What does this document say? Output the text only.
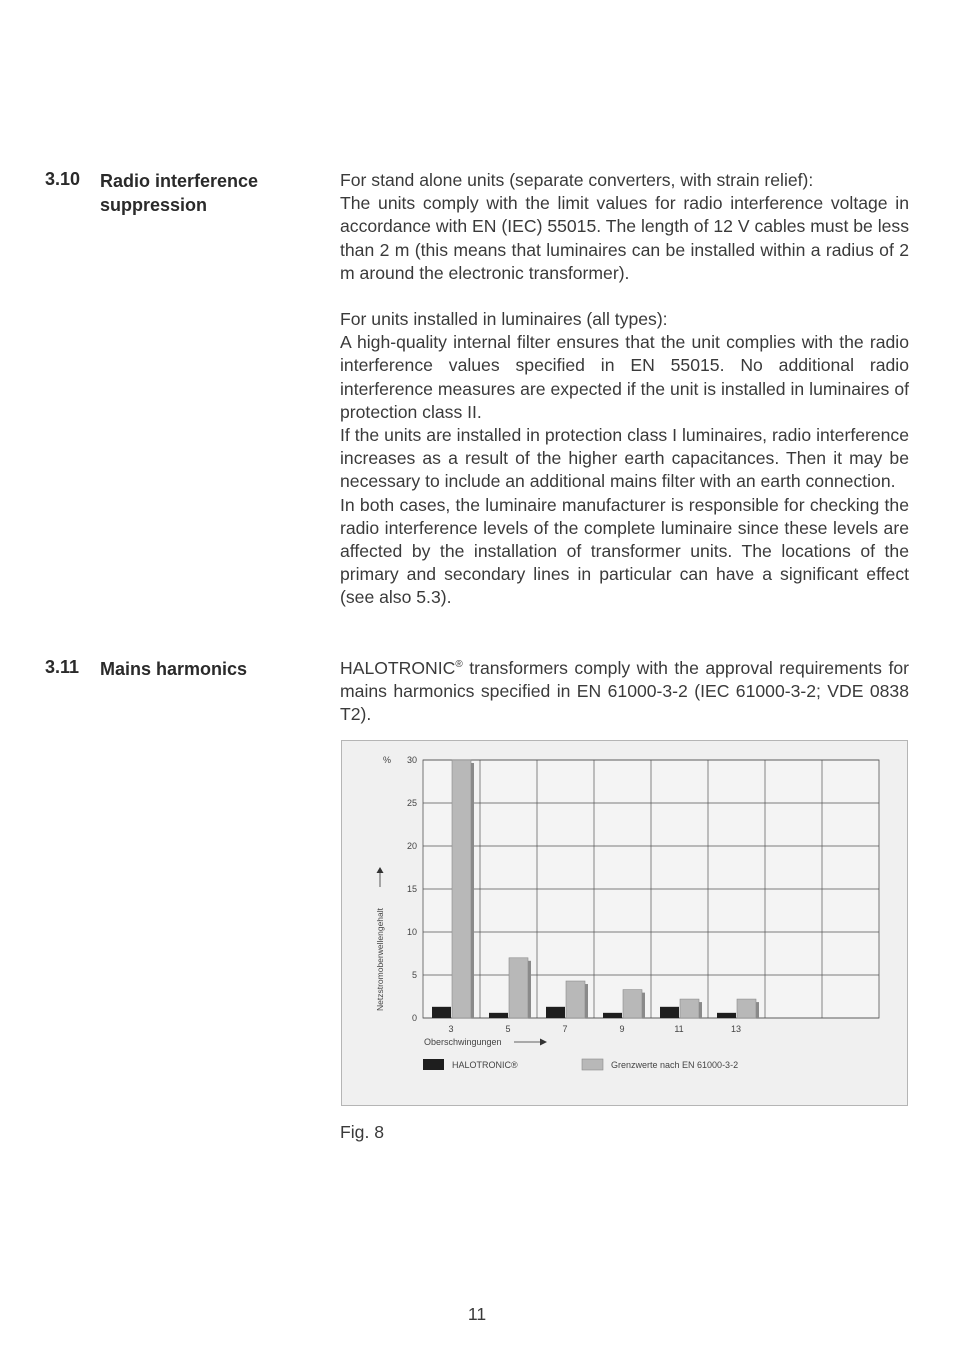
3.10 Radio interference suppression

For stand alone units (separate converters, with strain relief):

The units comply with the limit values for radio interference voltage in accordance with EN (IEC) 55015. The length of 12 V cables must be less than 2 m (this means that luminaires can be installed within a radius of 2 m around the electronic transformer).

For units installed in luminaires (all types):

A high-quality internal filter ensures that the unit complies with the radio interference values specified in EN 55015. No additional radio interference measures are expected if the unit is installed in luminaires of protection class II.

If the units are installed in protection class I luminaires, radio interference increases as a result of the higher earth capacitances. Then it may be necessary to include an additional mains filter with an earth connection.

In both cases, the luminaire manufacturer is responsible for checking the radio interference levels of the complete luminaire since these levels are affected by the installation of transformer units. The locations of the primary and secondary lines in particular can have a significant effect (see also 5.3).

3.11 Mains harmonics	HALOTRONIC® transformers comply with the approval requirements for mains harmonics specified in EN 61000-3-2 (IEC 61000-3-2; VDE 0838 T2).

0
5
10
15
20
25
30
%
Netzstromoberwellengehalt
3	5	7	9	11	13
Oberschwingungen
HALOTRONIC®	Grenzwerte nach EN 61000-3-2
Fig. 8
11
